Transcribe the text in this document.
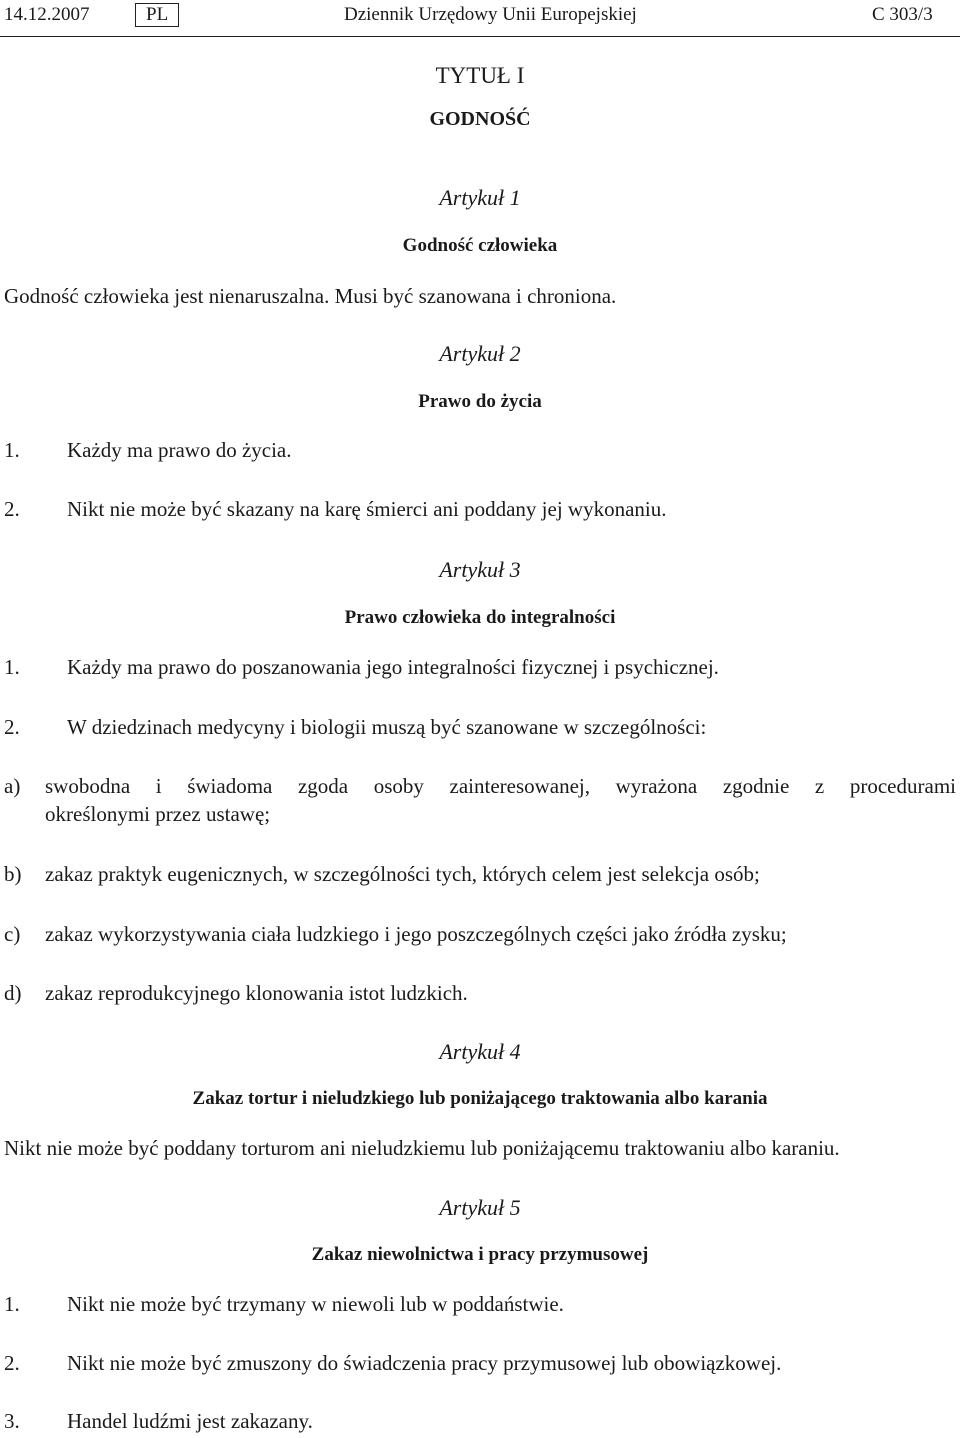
14.12.2007	PL	Dziennik Urzędowy Unii Europejskiej	C 303/3
TYTUŁ I
GODNOŚĆ
Artykuł 1
Godność człowieka
Godność człowieka jest nienaruszalna. Musi być szanowana i chroniona.
Artykuł 2
Prawo do życia
1. Każdy ma prawo do życia.
2. Nikt nie może być skazany na karę śmierci ani poddany jej wykonaniu.
Artykuł 3
Prawo człowieka do integralności
1. Każdy ma prawo do poszanowania jego integralności fizycznej i psychicznej.
2. W dziedzinach medycyny i biologii muszą być szanowane w szczególności:
a) swobodna i świadoma zgoda osoby zainteresowanej, wyrażona zgodnie z procedurami
określonymi przez ustawę;
b) zakaz praktyk eugenicznych, w szczególności tych, których celem jest selekcja osób;
c) zakaz wykorzystywania ciała ludzkiego i jego poszczególnych części jako źródła zysku;
d) zakaz reprodukcyjnego klonowania istot ludzkich.
Artykuł 4
Zakaz tortur i nieludzkiego lub poniżającego traktowania albo karania
Nikt nie może być poddany torturom ani nieludzkiemu lub poniżającemu traktowaniu albo karaniu.
Artykuł 5
Zakaz niewolnictwa i pracy przymusowej
1. Nikt nie może być trzymany w niewoli lub w poddaństwie.
2. Nikt nie może być zmuszony do świadczenia pracy przymusowej lub obowiązkowej.
3. Handel ludźmi jest zakazany.
